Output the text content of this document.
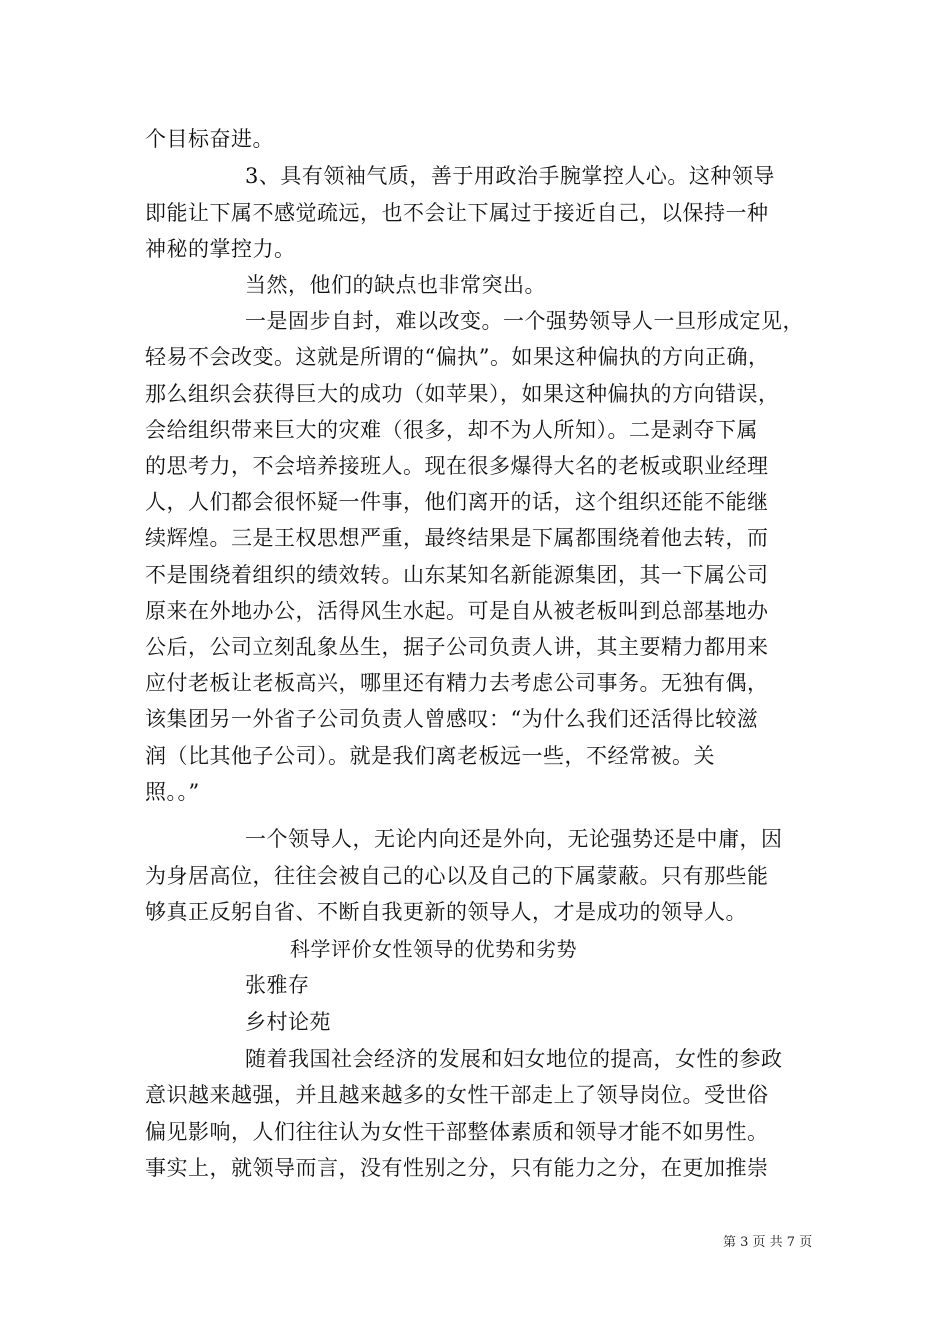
个目标奋进。
3、具有领袖气质，善于用政治手腕掌控人心。这种领导
即能让下属不感觉疏远，也不会让下属过于接近自己，以保持一种
神秘的掌控力。
当然，他们的缺点也非常突出。
一是固步自封，难以改变。一个强势领导人一旦形成定见，
轻易不会改变。这就是所谓的“偏执”。如果这种偏执的方向正确，
那么组织会获得巨大的成功（如苹果），如果这种偏执的方向错误，
会给组织带来巨大的灾难（很多，却不为人所知）。二是剥夺下属
的思考力，不会培养接班人。现在很多爆得大名的老板或职业经理
人，人们都会很怀疑一件事，他们离开的话，这个组织还能不能继
续辉煌。三是王权思想严重，最终结果是下属都围绕着他去转，而
不是围绕着组织的绩效转。山东某知名新能源集团，其一下属公司
原来在外地办公，活得风生水起。可是自从被老板叫到总部基地办
公后，公司立刻乱象丛生，据子公司负责人讲，其主要精力都用来
应付老板让老板高兴，哪里还有精力去考虑公司事务。无独有偶，
该集团另一外省子公司负责人曾感叹：“为什么我们还活得比较滋
润（比其他子公司）。就是我们离老板远一些，不经常被。关
照。。”
一个领导人，无论内向还是外向，无论强势还是中庸，因
为身居高位，往往会被自己的心以及自己的下属蒙蔽。只有那些能
够真正反躬自省、不断自我更新的领导人，才是成功的领导人。
科学评价女性领导的优势和劣势
张雅存
乡村论苑
随着我国社会经济的发展和妇女地位的提高，女性的参政
意识越来越强，并且越来越多的女性干部走上了领导岗位。受世俗
偏见影响，人们往往认为女性干部整体素质和领导才能不如男性。
事实上，就领导而言，没有性别之分，只有能力之分，在更加推崇
第 3 页 共 7 页
